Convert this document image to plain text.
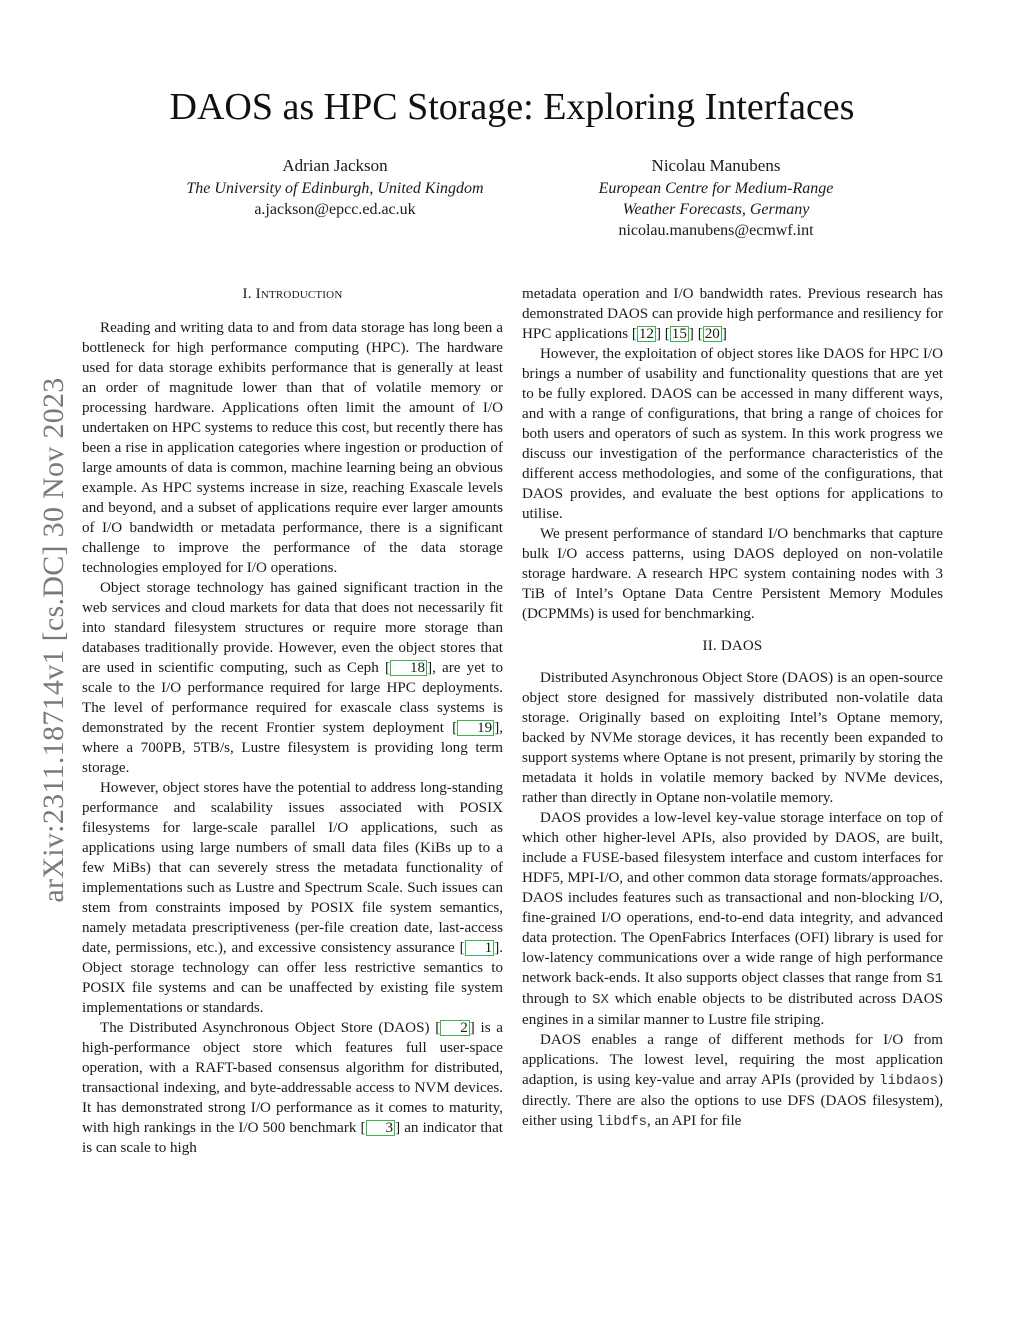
arXiv:2311.18714v1 [cs.DC] 30 Nov 2023
DAOS as HPC Storage: Exploring Interfaces
Adrian Jackson
The University of Edinburgh, United Kingdom
a.jackson@epcc.ed.ac.uk
Nicolau Manubens
European Centre for Medium-Range
Weather Forecasts, Germany
nicolau.manubens@ecmwf.int
I. Introduction

Reading and writing data to and from data storage has long been a bottleneck for high performance computing (HPC). The hardware used for data storage exhibits performance that is generally at least an order of magnitude lower than that of volatile memory or processing hardware. Applications often limit the amount of I/O undertaken on HPC systems to reduce this cost, but recently there has been a rise in application categories where ingestion or production of large amounts of data is common, machine learning being an obvious example. As HPC systems increase in size, reaching Exascale levels and beyond, and a subset of applications require ever larger amounts of I/O bandwidth or metadata performance, there is a significant challenge to improve the performance of the data storage technologies employed for I/O operations.

Object storage technology has gained significant traction in the web services and cloud markets for data that does not necessarily fit into standard filesystem structures or require more storage than databases traditionally provide. However, even the object stores that are used in scientific computing, such as Ceph [ 18 ], are yet to scale to the I/O performance required for large HPC deployments. The level of performance required for exascale class systems is demonstrated by the recent Frontier system deployment [ 19 ], where a 700PB, 5TB/s, Lustre filesystem is providing long term storage.

However, object stores have the potential to address long-standing performance and scalability issues associated with POSIX filesystems for large-scale parallel I/O applications, such as applications using large numbers of small data files (KiBs up to a few MiBs) that can severely stress the metadata functionality of implementations such as Lustre and Spectrum Scale. Such issues can stem from constraints imposed by POSIX file system semantics, namely metadata prescriptiveness (per-file creation date, last-access date, permissions, etc.), and excessive consistency assurance [ 1 ]. Object storage technology can offer less restrictive semantics to POSIX file systems and can be unaffected by existing file system implementations or standards.

The Distributed Asynchronous Object Store (DAOS) [ 2 ] is a high-performance object store which features full user-space operation, with a RAFT-based consensus algorithm for distributed, transactional indexing, and byte-addressable access to NVM devices. It has demonstrated strong I/O performance as it comes to maturity, with high rankings in the I/O 500 benchmark [ 3 ] an indicator that is can scale to high

metadata operation and I/O bandwidth rates. Previous research has demonstrated DAOS can provide high performance and resiliency for HPC applications [ 12 ] [ 15 ] [ 20 ]

However, the exploitation of object stores like DAOS for HPC I/O brings a number of usability and functionality questions that are yet to be fully explored. DAOS can be accessed in many different ways, and with a range of configurations, that bring a range of choices for both users and operators of such as system. In this work progress we discuss our investigation of the performance characteristics of the different access methodologies, and some of the configurations, that DAOS provides, and evaluate the best options for applications to utilise.

We present performance of standard I/O benchmarks that capture bulk I/O access patterns, using DAOS deployed on non-volatile storage hardware. A research HPC system containing nodes with 3 TiB of Intel’s Optane Data Centre Persistent Memory Modules (DCPMMs) is used for benchmarking.

II. DAOS

Distributed Asynchronous Object Store (DAOS) is an open-source object store designed for massively distributed non-volatile data storage. Originally based on exploiting Intel’s Optane memory, backed by NVMe storage devices, it has recently been expanded to support systems where Optane is not present, primarily by storing the metadata it holds in volatile memory backed by NVMe devices, rather than directly in Optane non-volatile memory.

DAOS provides a low-level key-value storage interface on top of which other higher-level APIs, also provided by DAOS, are built, include a FUSE-based filesystem interface and custom interfaces for HDF5, MPI-I/O, and other common data storage formats/approaches. DAOS includes features such as transactional and non-blocking I/O, fine-grained I/O operations, end-to-end data integrity, and advanced data protection. The OpenFabrics Interfaces (OFI) library is used for low-latency communications over a wide range of high performance network back-ends. It also supports object classes that range from S1 through to SX which enable objects to be distributed across DAOS engines in a similar manner to Lustre file striping.

DAOS enables a range of different methods for I/O from applications. The lowest level, requiring the most application adaption, is using key-value and array APIs (provided by libdaos) directly. There are also the options to use DFS (DAOS filesystem), either using libdfs, an API for file
